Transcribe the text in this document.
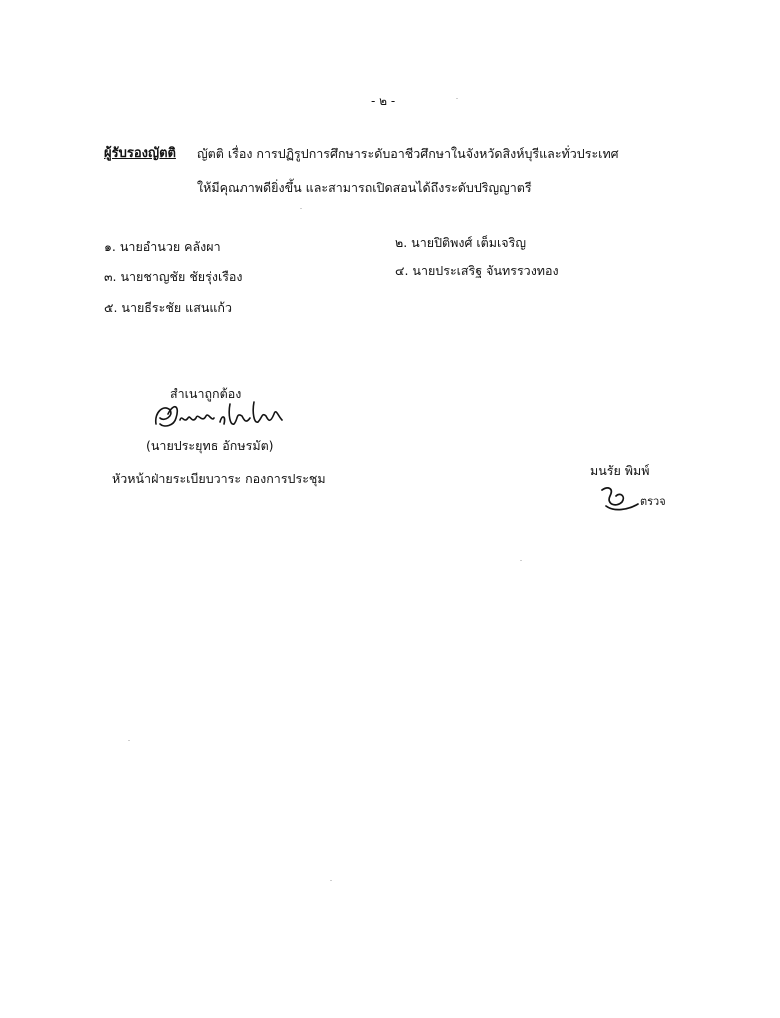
- ๒ -
ผู้รับรองญัตติ ญัตติ เรื่อง การปฏิรูปการศึกษาระดับอาชีวศึกษาในจังหวัดสิงห์บุรีและทั่วประเทศ
ให้มีคุณภาพดียิ่งขึ้น และสามารถเปิดสอนได้ถึงระดับปริญญาตรี
๑. นายอำนวย คลังผา	๒. นายปิติพงศ์ เต็มเจริญ
๓. นายชาญชัย ชัยรุ่งเรือง	๔. นายประเสริฐ จันทรรวงทอง
๕. นายธีระชัย แสนแก้ว
สำเนาถูกต้อง
(นายประยุทธ อักษรมัต)
หัวหน้าฝ่ายระเบียบวาระ กองการประชุม
มนรัย พิมพ์
ตรวจ
